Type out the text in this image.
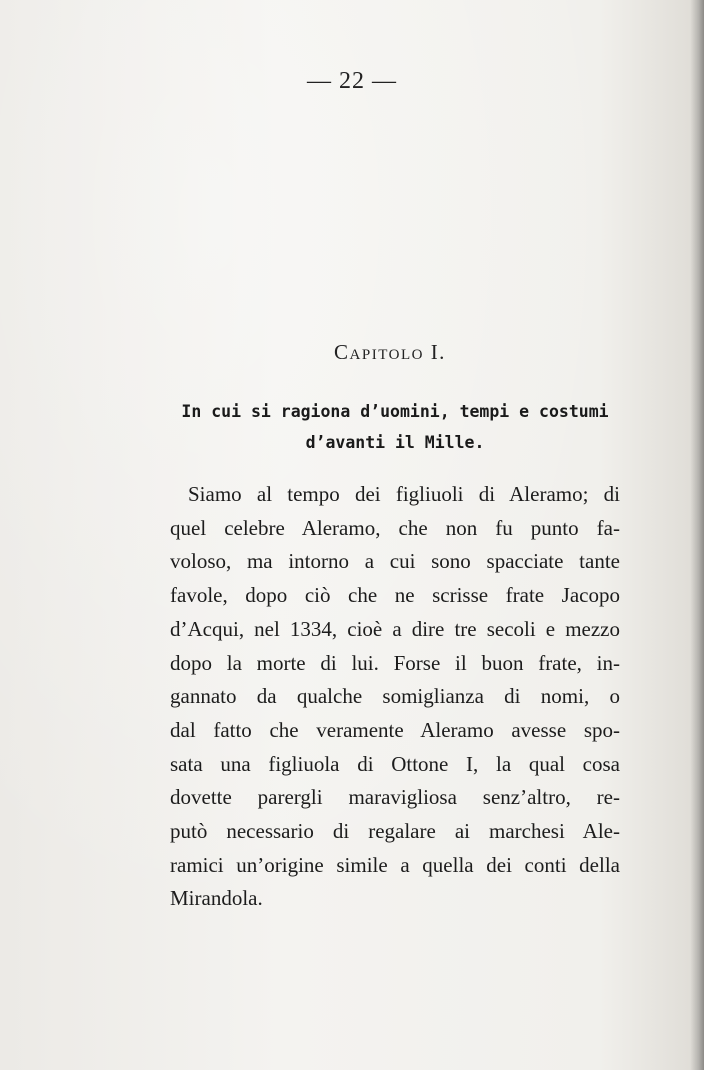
— 22 —
Capitolo I.
In cui si ragiona d’uomini, tempi e costumi
d’avanti il Mille.
Siamo al tempo dei figliuoli di Aleramo; di
quel celebre Aleramo, che non fu punto fa-
voloso, ma intorno a cui sono spacciate tante
favole, dopo ciò che ne scrisse frate Jacopo
d’Acqui, nel 1334, cioè a dire tre secoli e mezzo
dopo la morte di lui. Forse il buon frate, in-
gannato da qualche somiglianza di nomi, o
dal fatto che veramente Aleramo avesse spo-
sata una figliuola di Ottone I, la qual cosa
dovette parergli maravigliosa senz’altro, re-
putò necessario di regalare ai marchesi Ale-
ramici un’origine simile a quella dei conti della
Mirandola.
